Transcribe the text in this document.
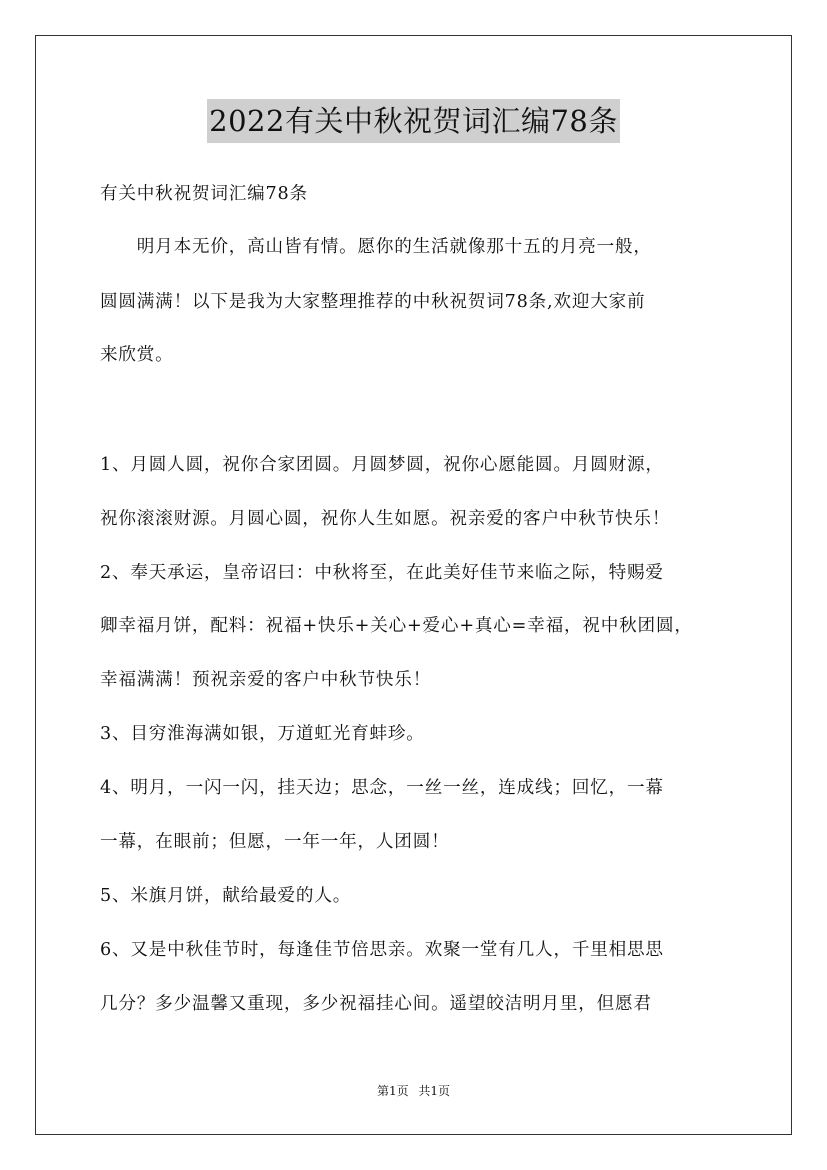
2022有关中秋祝贺词汇编78条
有关中秋祝贺词汇编78条
　　明月本无价，高山皆有情。愿你的生活就像那十五的月亮一般，
圆圆满满！以下是我为大家整理推荐的中秋祝贺词78条,欢迎大家前
来欣赏。
1、月圆人圆，祝你合家团圆。月圆梦圆，祝你心愿能圆。月圆财源，
祝你滚滚财源。月圆心圆，祝你人生如愿。祝亲爱的客户中秋节快乐！
2、奉天承运，皇帝诏曰：中秋将至，在此美好佳节来临之际，特赐爱
卿幸福月饼，配料：祝福+快乐+关心+爱心+真心=幸福，祝中秋团圆，
幸福满满！预祝亲爱的客户中秋节快乐！
3、目穷淮海满如银，万道虹光育蚌珍。
4、明月，一闪一闪，挂天边；思念，一丝一丝，连成线；回忆，一幕
一幕，在眼前；但愿，一年一年，人团圆！
5、米旗月饼，献给最爱的人。
6、又是中秋佳节时，每逢佳节倍思亲。欢聚一堂有几人，千里相思思
几分？多少温馨又重现，多少祝福挂心间。遥望皎洁明月里，但愿君
第1页 共1页
